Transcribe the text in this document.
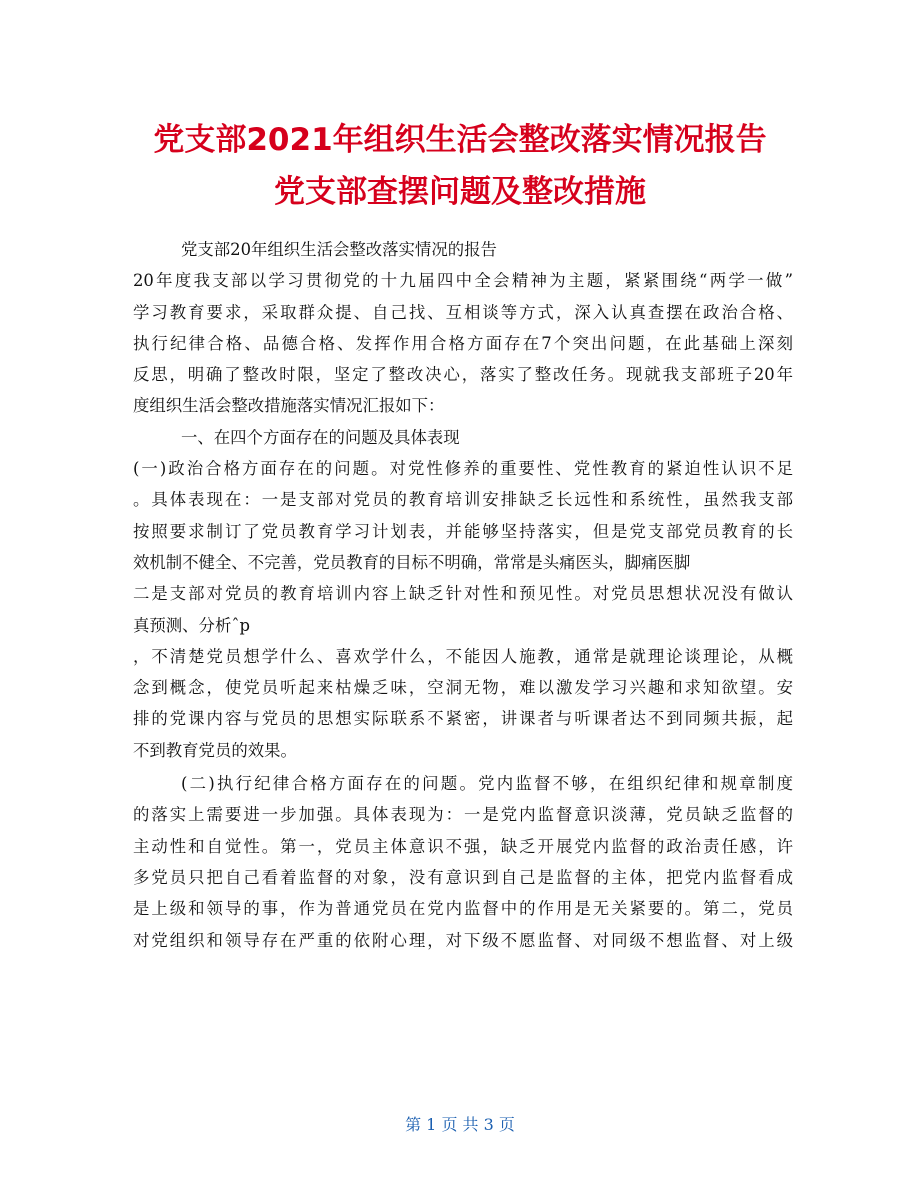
党支部2021年组织生活会整改落实情况报告
党支部查摆问题及整改措施
党支部20年组织生活会整改落实情况的报告
20年度我支部以学习贯彻党的十九届四中全会精神为主题，紧紧围绕“两学一做”
学习教育要求，采取群众提、自己找、互相谈等方式，深入认真查摆在政治合格、
执行纪律合格、品德合格、发挥作用合格方面存在7个突出问题，在此基础上深刻
反思，明确了整改时限，坚定了整改决心，落实了整改任务。现就我支部班子20年
度组织生活会整改措施落实情况汇报如下：
一、在四个方面存在的问题及具体表现
(一)政治合格方面存在的问题。对党性修养的重要性、党性教育的紧迫性认识不足
。具体表现在：一是支部对党员的教育培训安排缺乏长远性和系统性，虽然我支部
按照要求制订了党员教育学习计划表，并能够坚持落实，但是党支部党员教育的长
效机制不健全、不完善，党员教育的目标不明确，常常是头痛医头，脚痛医脚
二是支部对党员的教育培训内容上缺乏针对性和预见性。对党员思想状况没有做认
真预测、分析ˆp
，不清楚党员想学什么、喜欢学什么，不能因人施教，通常是就理论谈理论，从概
念到概念，使党员听起来枯燥乏味，空洞无物，难以激发学习兴趣和求知欲望。安
排的党课内容与党员的思想实际联系不紧密，讲课者与听课者达不到同频共振，起
不到教育党员的效果。
(二)执行纪律合格方面存在的问题。党内监督不够，在组织纪律和规章制度
的落实上需要进一步加强。具体表现为：一是党内监督意识淡薄，党员缺乏监督的
主动性和自觉性。第一，党员主体意识不强，缺乏开展党内监督的政治责任感，许
多党员只把自己看着监督的对象，没有意识到自己是监督的主体，把党内监督看成
是上级和领导的事，作为普通党员在党内监督中的作用是无关紧要的。第二，党员
对党组织和领导存在严重的依附心理，对下级不愿监督、对同级不想监督、对上级
第 1 页 共 3 页
